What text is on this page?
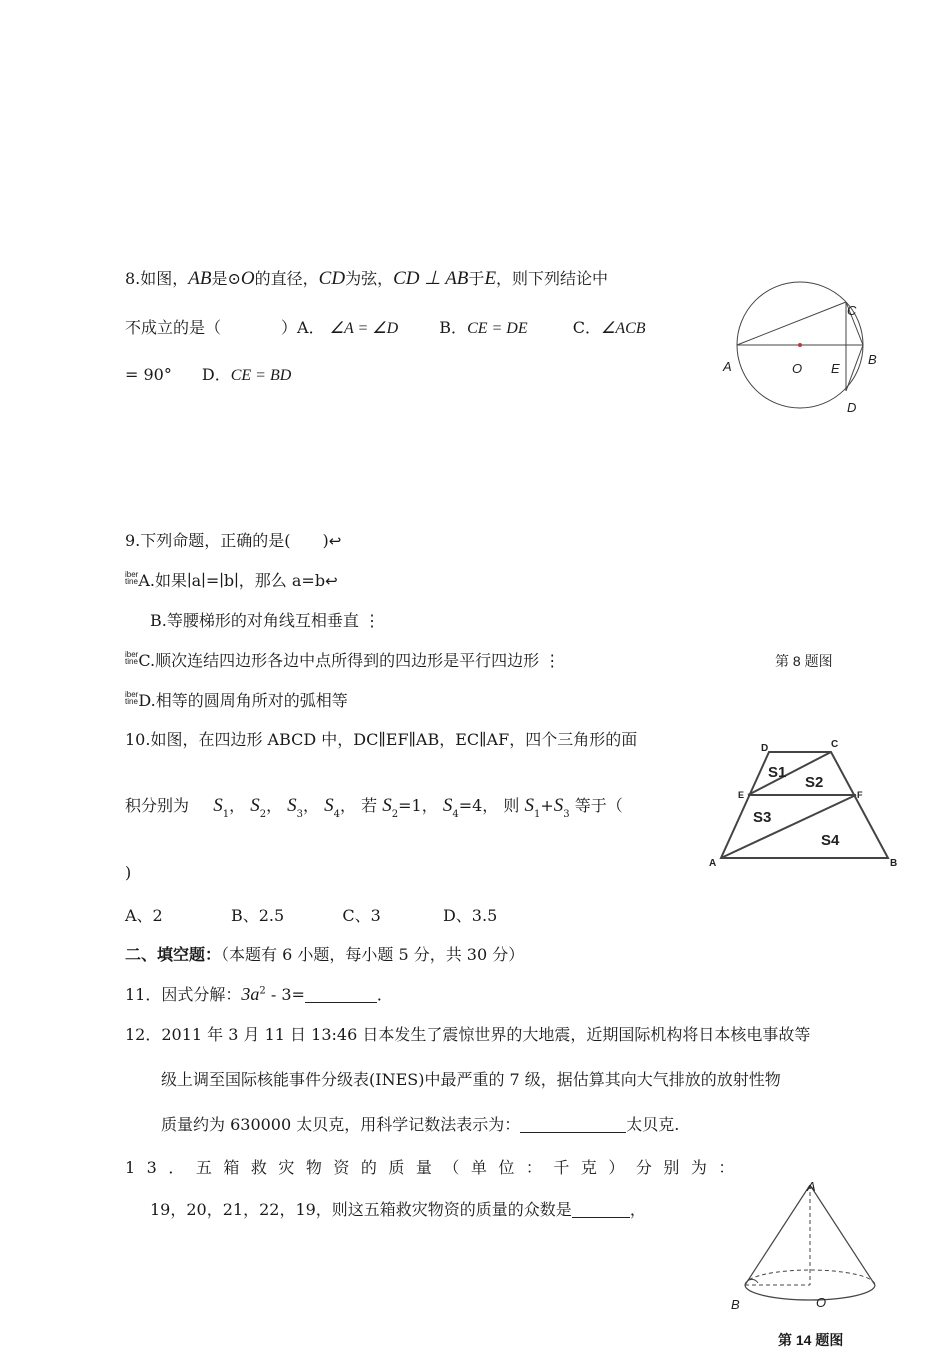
8.如图，AB是⊙O的直径，CD为弦，CD ⊥ AB于E，则下列结论中
不成立的是（	）A． ∠A = ∠D	B．CE = DE	C．∠ACB
= 90° D．CE = BD
A	B
C
D
O E
9.下列命题，正确的是(　　)↩
iber
tineA.如果∣a∣=∣b∣，那么 a=b↩
B.等腰梯形的对角线互相垂直 ⋮
iber
tineC.顺次连结四边形各边中点所得到的四边形是平行四边形 ⋮
iber
tineD.相等的圆周角所对的弧相等
第 8 题图
10.如图，在四边形 ABCD 中，DC∥EF∥AB，EC∥AF，四个三角形的面
积分别为 $S_1$， $S_2$， $S_3$， $S_4$， 若 $S_2=1$， $S_4=4$， 则 $S_1+S_3$ 等于（
)
A、2	B、2.5	C、3	D、3.5
D	C
E	F
A	B
S1
S2
S3
S4
二、填空题：（本题有 6 小题，每小题 5 分，共 30 分）
11．因式分解：$3a^2 - 3=$	．
12．2011 年 3 月 11 日 13:46 日本发生了震惊世界的大地震，近期国际机构将日本核电事故等
级上调至国际核能事件分级表(INES)中最严重的 7 级，据估算其向大气排放的放射性物
质量约为 630000 太贝克，用科学记数法表示为：	太贝克.
13．五箱救灾物资的质量（单位：千克）分别为：
19，20，21，22，19，则这五箱救灾物资的质量的众数是	，
A
B	O
第 14 题图
